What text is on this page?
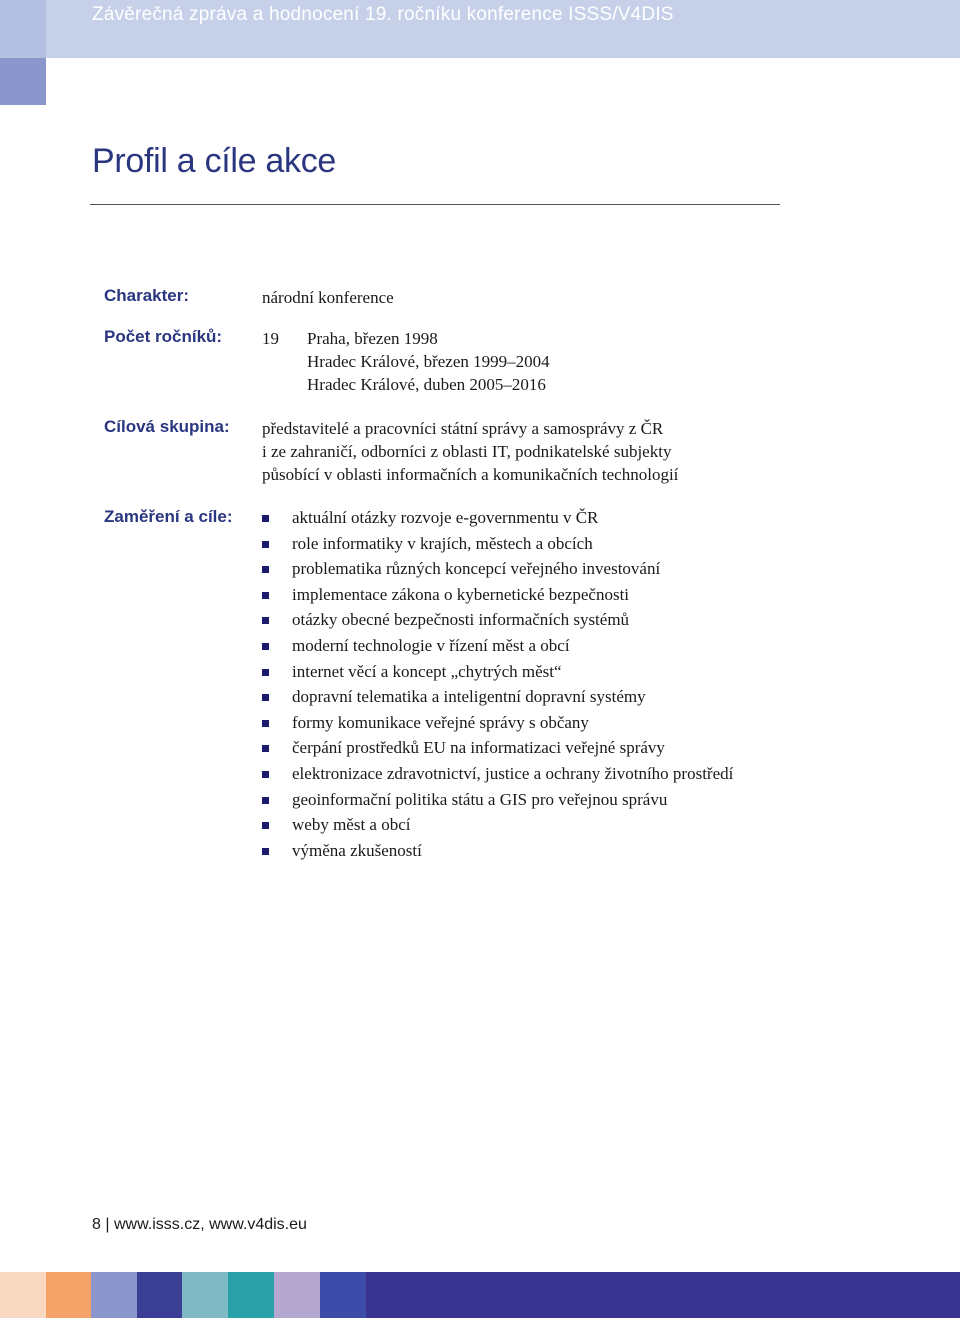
Závěrečná zpráva a hodnocení 19. ročníku konference ISSS/V4DIS
Profil a cíle akce
Charakter:	národní konference
Počet ročníků: 19 Praha, březen 1998
Hradec Králové, březen 1999–2004
Hradec Králové, duben 2005–2016
Cílová skupina: představitelé a pracovníci státní správy a samosprávy z ČR
i ze zahraničí, odborníci z oblasti IT, podnikatelské subjekty
působící v oblasti informačních a komunikačních technologií
Zaměření a cíle:	aktuální otázky rozvoje e-governmentu v ČR
role informatiky v krajích, městech a obcích
problematika různých koncepcí veřejného investování
implementace zákona o kybernetické bezpečnosti
otázky obecné bezpečnosti informačních systémů
moderní technologie v řízení měst a obcí
internet věcí a koncept „chytrých měst“
dopravní telematika a inteligentní dopravní systémy
formy komunikace veřejné správy s občany
čerpání prostředků EU na informatizaci veřejné správy
elektronizace zdravotnictví, justice a ochrany životního prostředí
geoinformační politika státu a GIS pro veřejnou správu
weby měst a obcí
výměna zkušeností
8 | www.isss.cz, www.v4dis.eu
